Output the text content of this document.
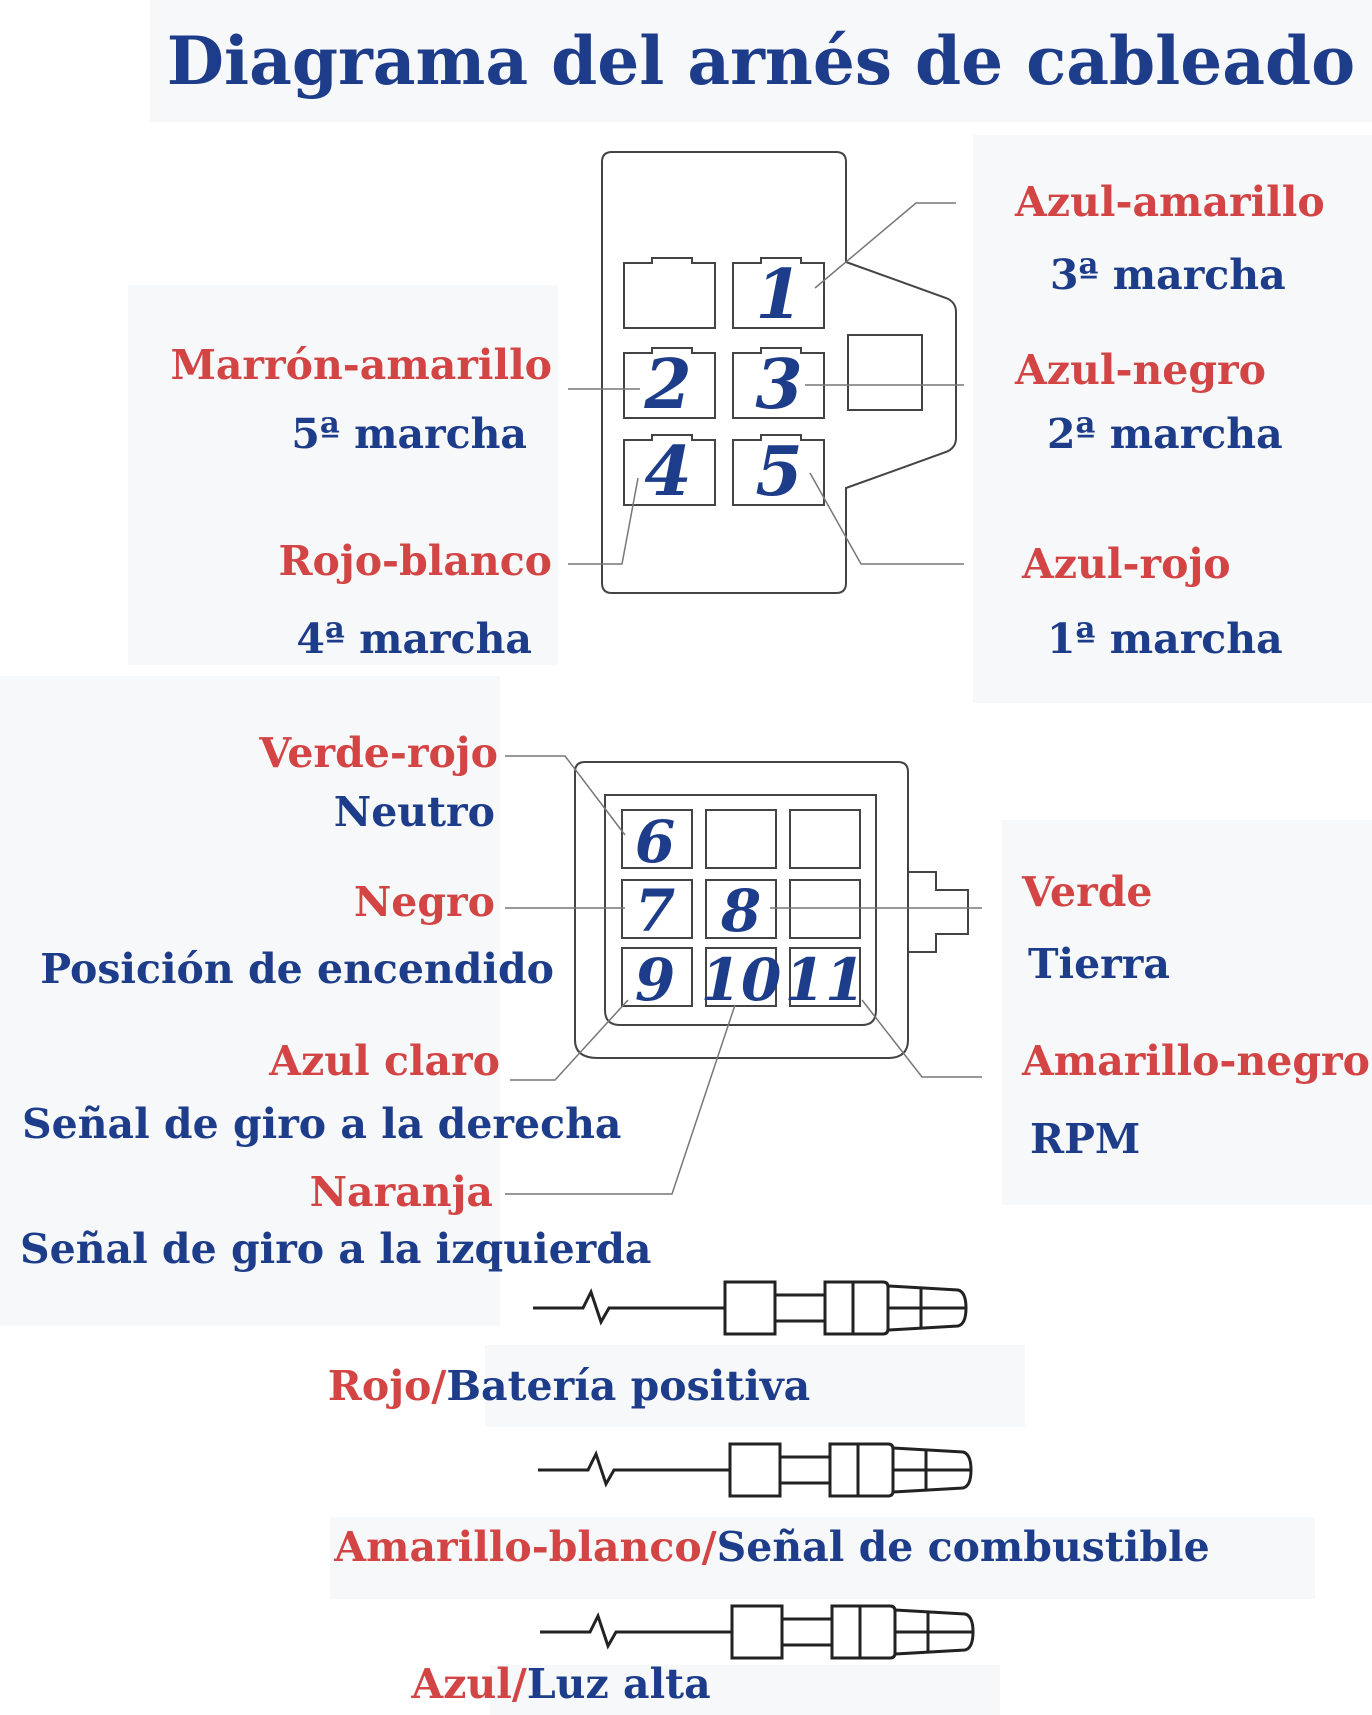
Diagrama del arnés de cableado
1
2 3
4 5
6
7 8
9 10 11
Azul-amarillo
3ª marcha
Marrón-amarillo
5ª marcha
Azul-negro
2ª marcha
Rojo-blanco
4ª marcha
Azul-rojo
1ª marcha
Verde-rojo
Neutro
Negro
Posición de encendido
Verde
Tierra
Azul claro
Señal de giro a la derecha
Naranja
Señal de giro a la izquierda
Amarillo-negro
RPM
Rojo/Batería positiva
Amarillo-blanco/Señal de combustible
Azul/Luz alta
